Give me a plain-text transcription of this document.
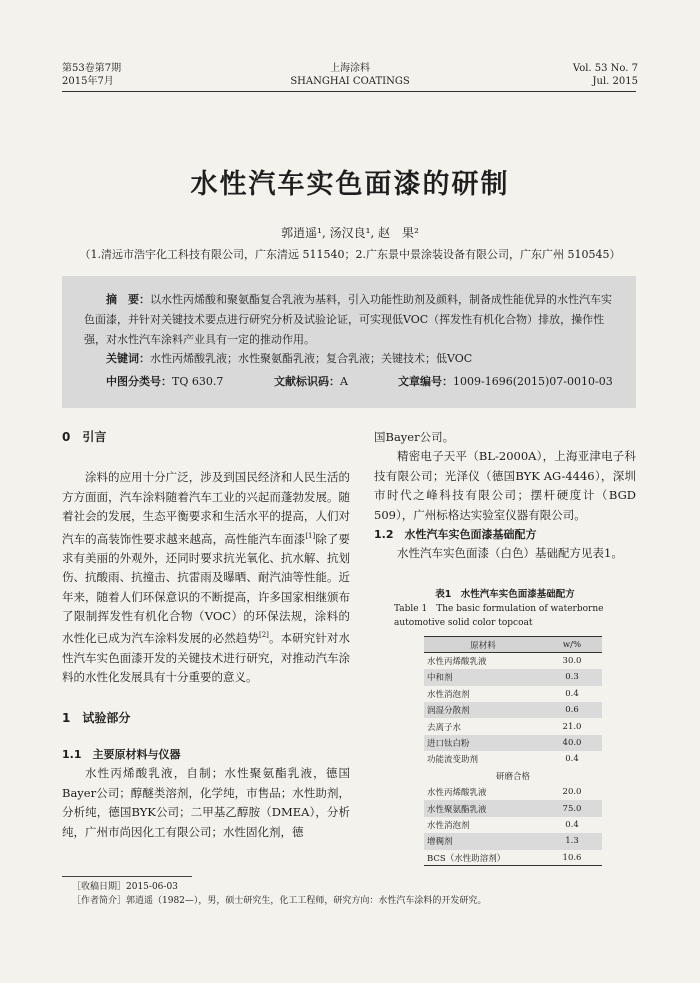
第53卷第7期
2015年7月
上海涂料
SHANGHAI COATINGS
Vol. 53 No. 7
Jul. 2015
水性汽车实色面漆的研制
郭逍遥¹, 汤汉良¹, 赵　果²
（1.清远市浩宇化工科技有限公司，广东清远 511540；2.广东景中景涂装设备有限公司，广东广州 510545）
摘　要：以水性丙烯酸和聚氨酯复合乳液为基料，引入功能性助剂及颜料，制备成性能优异的水性汽车实色面漆，并针对关键技术要点进行研究分析及试验论证，可实现低VOC（挥发性有机化合物）排放，操作性强，对水性汽车涂料产业具有一定的推动作用。
关键词：水性丙烯酸乳液；水性聚氨酯乳液；复合乳液；关键技术；低VOC
中图分类号：TQ 630.7	文献标识码：A	文章编号：1009-1696(2015)07-0010-03
0　引言

涂料的应用十分广泛，涉及到国民经济和人民生活的方方面面，汽车涂料随着汽车工业的兴起而蓬勃发展。随着社会的发展，生态平衡要求和生活水平的提高，人们对汽车的高装饰性要求越来越高，高性能汽车面漆[1]除了要求有美丽的外观外，还同时要求抗光氧化、抗水解、抗划伤、抗酸雨、抗撞击、抗雷雨及曝晒、耐汽油等性能。近年来，随着人们环保意识的不断提高，许多国家相继颁布了限制挥发性有机化合物（VOC）的环保法规，涂料的水性化已成为汽车涂料发展的必然趋势[2]。本研究针对水性汽车实色面漆开发的关键技术进行研究，对推动汽车涂料的水性化发展具有十分重要的意义。

1　试验部分
1.1　主要原材料与仪器

水性丙烯酸乳液，自制；水性聚氨酯乳液，德国Bayer公司；醇醚类溶剂，化学纯，市售品；水性助剂，分析纯，德国BYK公司；二甲基乙醇胺（DMEA），分析纯，广州市尚因化工有限公司；水性固化剂，德

国Bayer公司。

精密电子天平（BL-2000A），上海亚津电子科技有限公司；光泽仪（德国BYK AG-4446），深圳市时代之峰科技有限公司；摆杆硬度计（BGD 509），广州标格达实验室仪器有限公司。

1.2　水性汽车实色面漆基础配方

水性汽车实色面漆（白色）基础配方见表1。

表1　水性汽车实色面漆基础配方
Table 1　The basic formulation of waterborne automotive solid color topcoat
原材料	w/%
水性丙烯酸乳液	30.0
中和剂	0.3
水性消泡剂	0.4
润湿分散剂	0.6
去离子水	21.0
进口钛白粉	40.0
功能流变助剂	0.4
研磨合格	
水性丙烯酸乳液	20.0
水性聚氨酯乳液	75.0
水性消泡剂	0.4
增稠剂	1.3
BCS（水性助溶剂）	10.6
［收稿日期］2015-06-03
［作者简介］郭逍遥（1982—），男，硕士研究生，化工工程师，研究方向：水性汽车涂料的开发研究。
